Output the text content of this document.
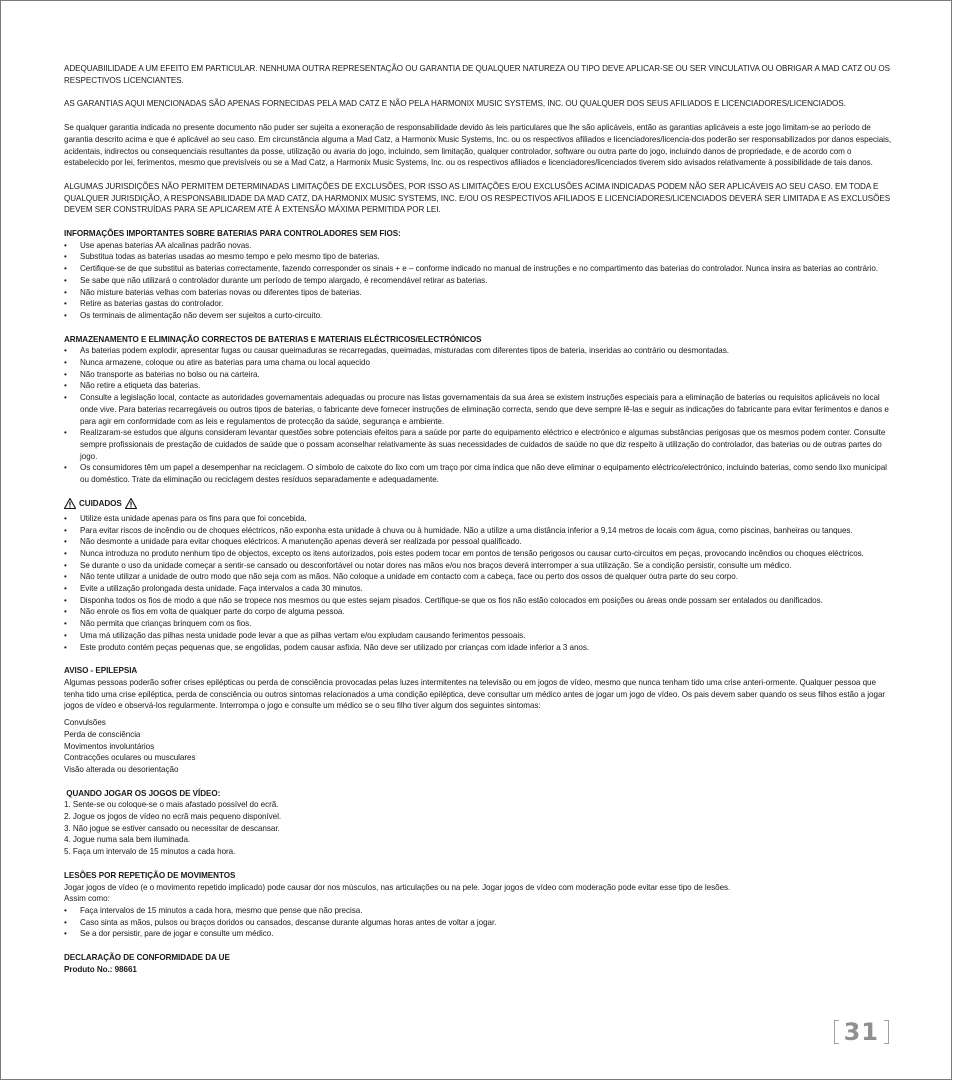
ADEQUABIILIDADE A UM EFEITO EM PARTICULAR. NENHUMA OUTRA REPRESENTAÇÃO OU GARANTIA DE QUALQUER NATUREZA OU TIPO DEVE APLICAR-SE OU SER VINCULATIVA OU OBRIGAR A MAD CATZ OU OS RESPECTIVOS LICENCIANTES.

AS GARANTIAS AQUI MENCIONADAS SÃO APENAS FORNECIDAS PELA MAD CATZ E NÃO PELA HARMONIX MUSIC SYSTEMS, INC. OU QUALQUER DOS SEUS AFILIADOS E LICENCIADORES/LICENCIADOS.

Se qualquer garantia indicada no presente documento não puder ser sujeita a exoneração de responsabilidade devido às leis particulares que lhe são aplicáveis, então as garantias aplicáveis a este jogo limitam-se ao período de garantia descrito acima e que é aplicável ao seu caso. Em circunstância alguma a Mad Catz, a Harmonix Music Systems, Inc. ou os respectivos afiliados e licenciadores/licencia-dos poderão ser responsabilizados por danos especiais, acidentais, indirectos ou consequenciais resultantes da posse, utilização ou avaria do jogo, incluindo, sem limitação, qualquer controlador, software ou outra parte do jogo, incluindo danos de propriedade, e de acordo com o estabelecido por lei, ferimentos, mesmo que previsíveis ou se a Mad Catz, a Harmonix Music Systems, Inc. ou os respectivos afiliados e licenciadores/licenciados tiverem sido avisados relativamente à possibilidade de tais danos.

ALGUMAS JURISDIÇÕES NÃO PERMITEM DETERMINADAS LIMITAÇÕES DE EXCLUSÕES, POR ISSO AS LIMITAÇÕES E/OU EXCLUSÕES ACIMA INDICADAS PODEM NÃO SER APLICÁVEIS AO SEU CASO. EM TODA E QUALQUER JURISDIÇÃO, A RESPONSABILIDADE DA MAD CATZ, DA HARMONIX MUSIC SYSTEMS, INC. E/OU OS RESPECTIVOS AFILIADOS E LICENCIADORES/LICENCIADOS DEVERÁ SER LIMITADA E AS EXCLUSÕES DEVEM SER CONSTRUÍDAS PARA SE APLICAREM ATÉ À EXTENSÃO MÁXIMA PERMITIDA POR LEI.

INFORMAÇÕES IMPORTANTES SOBRE BATERIAS PARA CONTROLADORES SEM FIOS:

• Use apenas baterias AA alcalinas padrão novas.
• Substitua todas as baterias usadas ao mesmo tempo e pelo mesmo tipo de baterias.
• Certifique-se de que substitui as baterias correctamente, fazendo corresponder os sinais + e – conforme indicado no manual de instruções e no compartimento das baterias do controlador. Nunca insira as baterias ao contrário.
• Se sabe que não utilizará o controlador durante um período de tempo alargado, é recomendável retirar as baterias.
• Não misture baterias velhas com baterias novas ou diferentes tipos de baterias.
• Retire as baterias gastas do controlador.
• Os terminais de alimentação não devem ser sujeitos a curto-circuito.

ARMAZENAMENTO E ELIMINAÇÃO CORRECTOS DE BATERIAS E MATERIAIS ELÉCTRICOS/ELECTRÓNICOS

• As baterias podem explodir, apresentar fugas ou causar queimaduras se recarregadas, queimadas, misturadas com diferentes tipos de bateria, inseridas ao contrário ou desmontadas.
• Nunca armazene, coloque ou atire as baterias para uma chama ou local aquecido
• Não transporte as baterias no bolso ou na carteira.
• Não retire a etiqueta das baterias.
• Consulte a legislação local, contacte as autoridades governamentais adequadas ou procure nas listas governamentais da sua área se existem instruções especiais para a eliminação de baterias ou requisitos aplicáveis no local onde vive. Para baterias recarregáveis ou outros tipos de baterias, o fabricante deve fornecer instruções de eliminação correcta, sendo que deve sempre lê-las e seguir as indicações do fabricante para evitar ferimentos e danos e para agir em conformidade com as leis e regulamentos de protecção da saúde, segurança e ambiente.
• Realizaram-se estudos que alguns consideram levantar questões sobre potenciais efeitos para a saúde por parte do equipamento eléctrico e electrónico e algumas substâncias perigosas que os mesmos podem conter. Consulte sempre profissionais de prestação de cuidados de saúde que o possam aconselhar relativamente às suas necessidades de cuidados de saúde no que diz respeito à utilização do controlador, das baterias ou de outras partes do jogo.
• Os consumidores têm um papel a desempenhar na reciclagem. O símbolo de caixote do lixo com um traço por cima indica que não deve eliminar o equipamento eléctrico/electrónico, incluindo baterias, como sendo lixo municipal ou doméstico. Trate da eliminação ou reciclagem destes resíduos separadamente e adequadamente.
CUIDADOS
• Utilize esta unidade apenas para os fins para que foi concebida.
• Para evitar riscos de incêndio ou de choques eléctricos, não exponha esta unidade à chuva ou à humidade. Não a utilize a uma distância inferior a 9,14 metros de locais com água, como piscinas, banheiras ou tanques.
• Não desmonte a unidade para evitar choques eléctricos. A manutenção apenas deverá ser realizada por pessoal qualificado.
• Nunca introduza no produto nenhum tipo de objectos, excepto os itens autorizados, pois estes podem tocar em pontos de tensão perigosos ou causar curto-circuitos em peças, provocando incêndios ou choques eléctricos.
• Se durante o uso da unidade começar a sentir-se cansado ou desconfortável ou notar dores nas mãos e/ou nos braços deverá interromper a sua utilização. Se a condição persistir, consulte um médico.
• Não tente utilizar a unidade de outro modo que não seja com as mãos. Não coloque a unidade em contacto com a cabeça, face ou perto dos ossos de qualquer outra parte do seu corpo.
• Evite a utilização prolongada desta unidade. Faça intervalos a cada 30 minutos.
• Disponha todos os fios de modo a que não se tropece nos mesmos ou que estes sejam pisados. Certifique-se que os fios não estão colocados em posições ou áreas onde possam ser entalados ou danificados.
• Não enrole os fios em volta de qualquer parte do corpo de alguma pessoa.
• Não permita que crianças brinquem com os fios.
• Uma má utilização das pilhas nesta unidade pode levar a que as pilhas vertam e/ou expludam causando ferimentos pessoais.
• Este produto contém peças pequenas que, se engolidas, podem causar asfixia. Não deve ser utilizado por crianças com idade inferior a 3 anos.

AVISO - EPILEPSIA

Algumas pessoas poderão sofrer crises epilépticas ou perda de consciência provocadas pelas luzes intermitentes na televisão ou em jogos de vídeo, mesmo que nunca tenham tido uma crise anteri-ormente. Qualquer pessoa que tenha tido uma crise epiléptica, perda de consciência ou outros sintomas relacionados a uma condição epiléptica, deve consultar um médico antes de jogar um jogo de vídeo. Os pais devem saber quando os seus filhos estão a jogar jogos de vídeo e observá-los regularmente. Interrompa o jogo e consulte um médico se o seu filho tiver algum dos seguintes sintomas:

Convulsões
Perda de consciência
Movimentos involuntários
Contracções oculares ou musculares
Visão alterada ou desorientação

QUANDO JOGAR OS JOGOS DE VÍDEO:

1. Sente-se ou coloque-se o mais afastado possível do ecrã.
2. Jogue os jogos de vídeo no ecrã mais pequeno disponível.
3. Não jogue se estiver cansado ou necessitar de descansar.
4. Jogue numa sala bem iluminada.
5. Faça um intervalo de 15 minutos a cada hora.

LESÕES POR REPETIÇÃO DE MOVIMENTOS

Jogar jogos de vídeo (e o movimento repetido implicado) pode causar dor nos músculos, nas articulações ou na pele. Jogar jogos de vídeo com moderação pode evitar esse tipo de lesões.

Assim como:

• Faça intervalos de 15 minutos a cada hora, mesmo que pense que não precisa.
• Caso sinta as mãos, pulsos ou braços doridos ou cansados, descanse durante algumas horas antes de voltar a jogar.
• Se a dor persistir, pare de jogar e consulte um médico.

DECLARAÇÃO DE CONFORMIDADE DA UE

Produto No.: 98661

31
